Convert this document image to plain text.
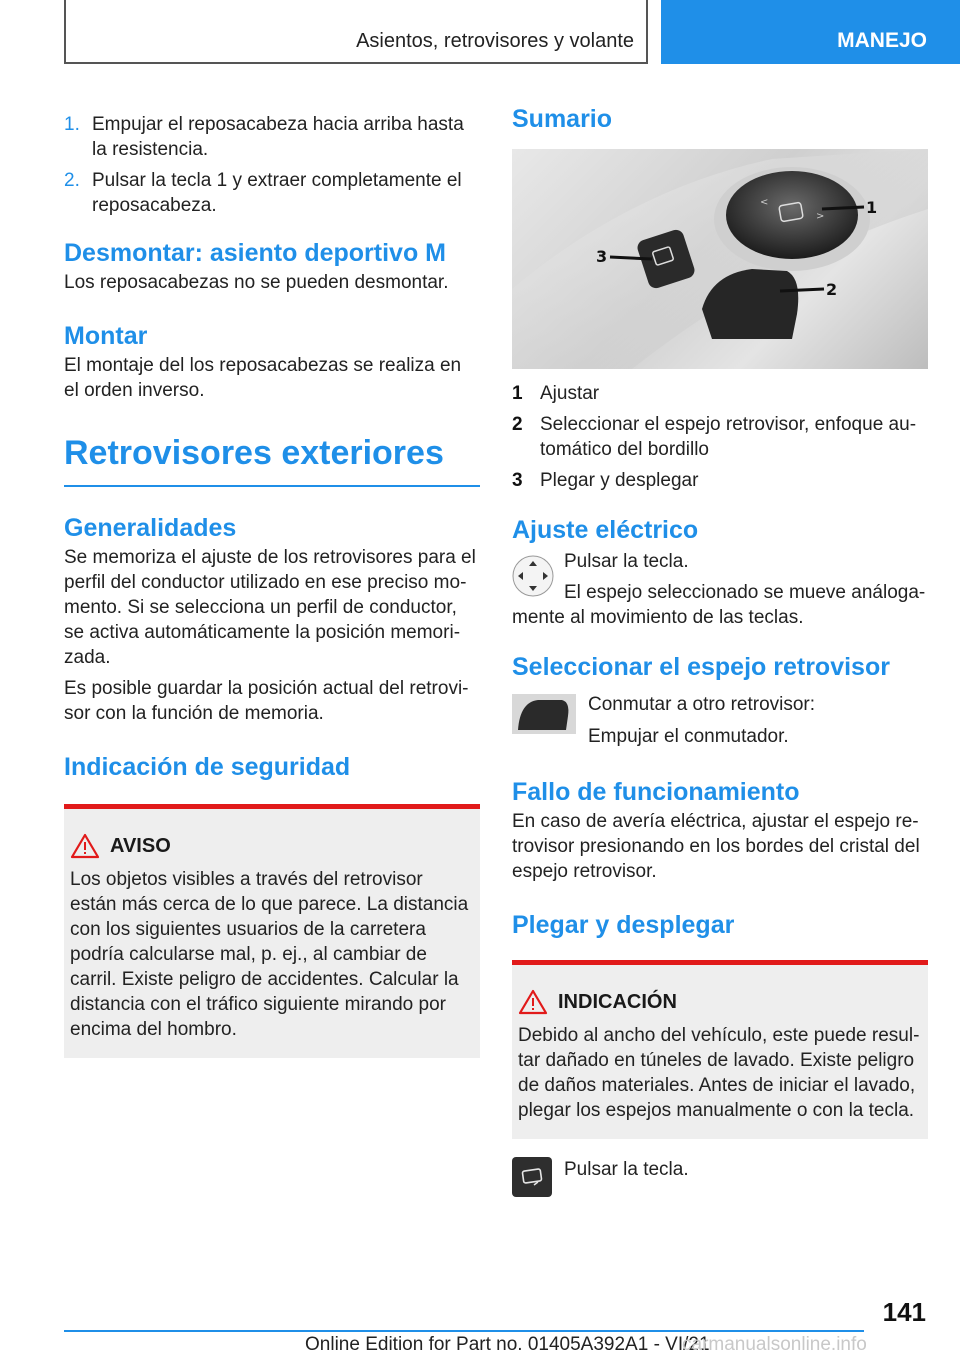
Asientos, retrovisores y volante	MANEJO
1. Empujar el reposacabeza hacia arriba hasta la resistencia.
2. Pulsar la tecla 1 y extraer completamente el reposacabeza.
Desmontar: asiento deportivo M

Los reposacabezas no se pueden desmontar.

Montar

El montaje del los reposacabezas se realiza en el orden inverso.

Retrovisores exteriores
Generalidades

Se memoriza el ajuste de los retrovisores para el perfil del conductor utilizado en ese preciso momento. Si se selecciona un perfil de conductor, se activa automáticamente la posición memorizada.

Es posible guardar la posición actual del retrovisor con la función de memoria.

Indicación de seguridad
AVISO

Los objetos visibles a través del retrovisor están más cerca de lo que parece. La distancia con los siguientes usuarios de la carretera podría calcularse mal, p. ej., al cambiar de carril. Existe peligro de accidentes. Calcular la distancia con el tráfico siguiente mirando por encima del hombro.

Sumario
<
>	1
3
2
1 Ajustar
2 Seleccionar el espejo retrovisor, enfoque automático del bordillo
3 Plegar y desplegar
Ajuste eléctrico

Pulsar la tecla.

El espejo seleccionado se mueve análogamente al movimiento de las teclas.

Seleccionar el espejo retrovisor

Conmutar a otro retrovisor:

Empujar el conmutador.

Fallo de funcionamiento

En caso de avería eléctrica, ajustar el espejo retrovisor presionando en los bordes del cristal del espejo retrovisor.

Plegar y desplegar
INDICACIÓN

Debido al ancho del vehículo, este puede resultar dañado en túneles de lavado. Existe peligro de daños materiales. Antes de iniciar el lavado, plegar los espejos manualmente o con la tecla.

Pulsar la tecla.

141
Online Edition for Part no. 01405A392A1 - VI/21
carmanualsonline.info
